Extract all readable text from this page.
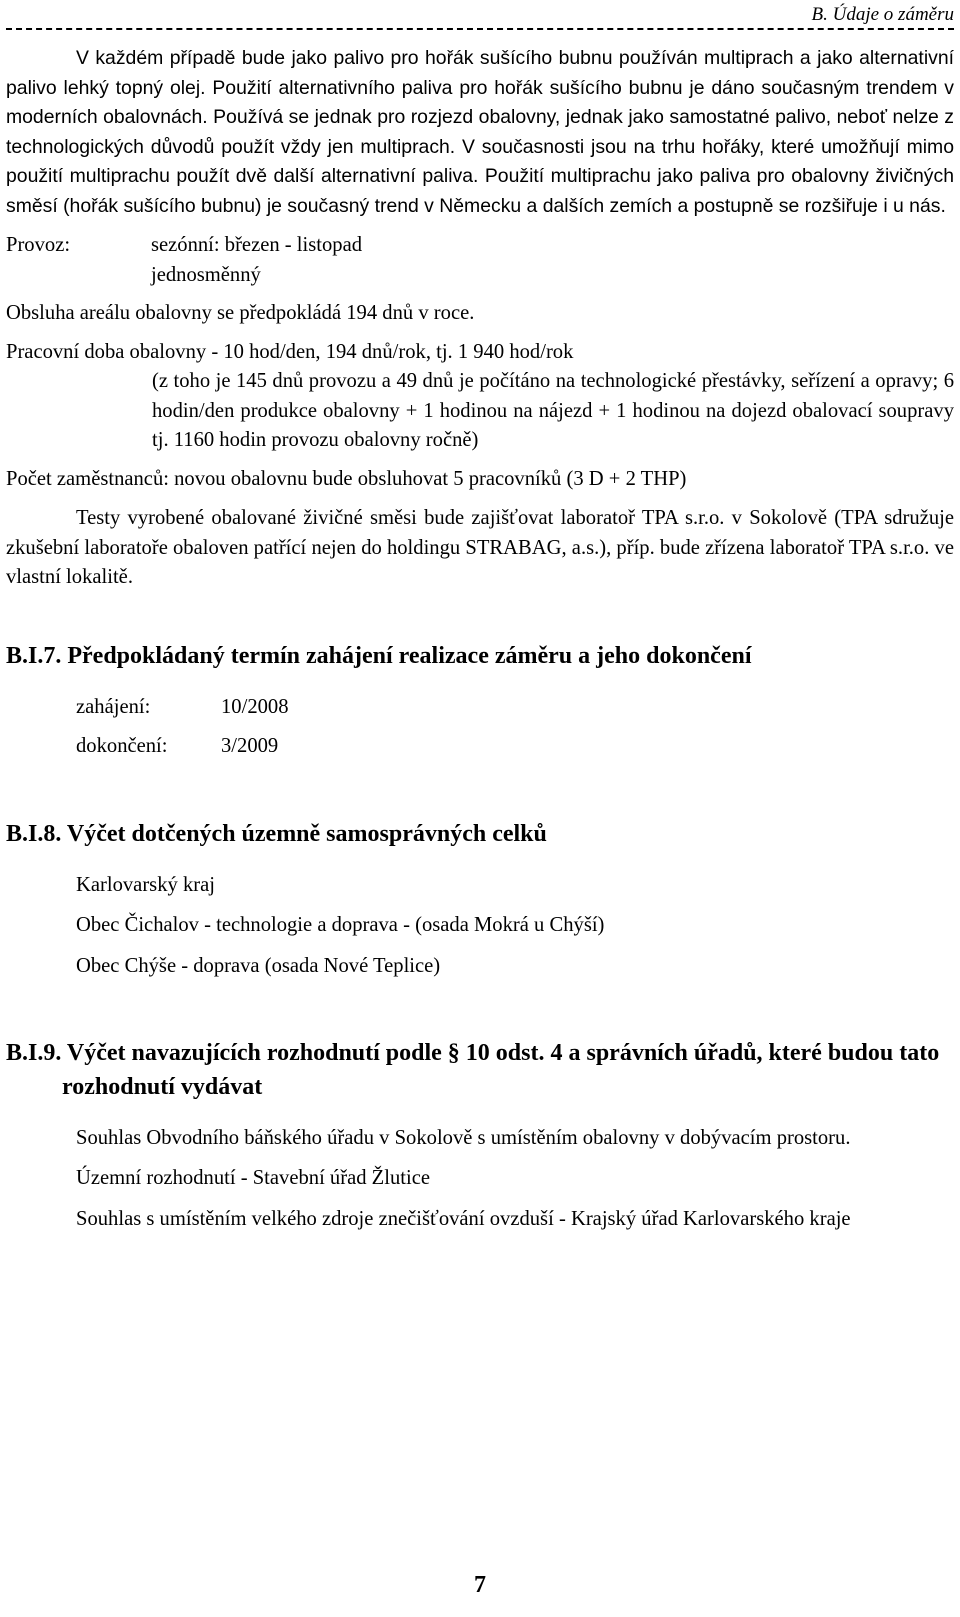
B. Údaje o záměru

V každém případě bude jako palivo pro hořák sušícího bubnu používán multiprach a jako alternativní palivo lehký topný olej. Použití alternativního paliva pro hořák sušícího bubnu je dáno současným trendem v moderních obalovnách. Používá se jednak pro rozjezd obalovny, jednak jako samostatné palivo, neboť nelze z technologických důvodů použít vždy jen multiprach. V současnosti jsou na trhu hořáky, které umožňují mimo použití multiprachu použít dvě další alternativní paliva. Použití multiprachu jako paliva pro obalovny živičných směsí (hořák sušícího bubnu) je současný trend v Německu a dalších zemích a postupně se rozšiřuje i u nás.

Provoz:	sezónní: březen - listopad
jednosměnný

Obsluha areálu obalovny se předpokládá 194 dnů v roce.

Pracovní doba obalovny - 10 hod/den, 194 dnů/rok, tj. 1 940 hod/rok

(z toho je 145 dnů provozu a 49 dnů je počítáno na technologické přestávky, seřízení a opravy; 6 hodin/den produkce obalovny + 1 hodinou na nájezd + 1 hodinou na dojezd obalovací soupravy tj. 1160 hodin provozu obalovny ročně)

Počet zaměstnanců: novou obalovnu bude obsluhovat 5 pracovníků (3 D + 2 THP)

Testy vyrobené obalované živičné směsi bude zajišťovat laboratoř TPA s.r.o. v Sokolově (TPA sdružuje zkušební laboratoře obaloven patřící nejen do holdingu STRABAG, a.s.), příp. bude zřízena laboratoř TPA s.r.o. ve vlastní lokalitě.

B.I.7. Předpokládaný termín zahájení realizace záměru a jeho dokončení
zahájení:	10/2008
dokončení:	3/2009
B.I.8. Výčet dotčených územně samosprávných celků

Karlovarský kraj

Obec Čichalov - technologie a doprava - (osada Mokrá u Chýší)

Obec Chýše - doprava (osada Nové Teplice)

B.I.9. Výčet navazujících rozhodnutí podle § 10 odst. 4 a správních úřadů, které budou tato rozhodnutí vydávat

Souhlas Obvodního báňského úřadu v Sokolově s umístěním obalovny v dobývacím prostoru.

Územní rozhodnutí - Stavební úřad Žlutice

Souhlas s umístěním velkého zdroje znečišťování ovzduší - Krajský úřad Karlovarského kraje

7
